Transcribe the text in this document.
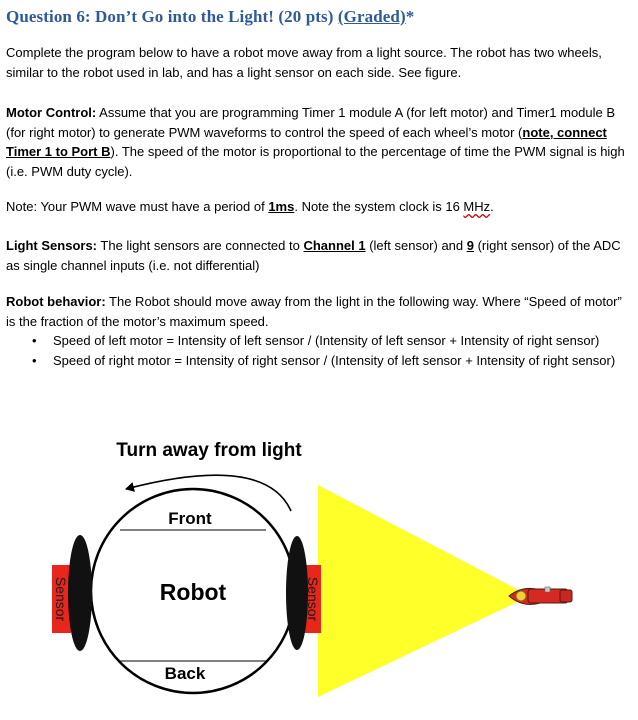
Question 6: Don’t Go into the Light! (20 pts) (Graded)*
Complete the program below to have a robot move away from a light source. The robot has two wheels, similar to the robot used in lab, and has a light sensor on each side. See figure.
Motor Control: Assume that you are programming Timer 1 module A (for left motor) and Timer1 module B (for right motor) to generate PWM waveforms to control the speed of each wheel’s motor (note, connect Timer 1 to Port B). The speed of the motor is proportional to the percentage of time the PWM signal is high (i.e. PWM duty cycle).
Note: Your PWM wave must have a period of 1ms. Note the system clock is 16 MHz.
Light Sensors: The light sensors are connected to Channel 1 (left sensor) and 9 (right sensor) of the ADC as single channel inputs (i.e. not differential)
Robot behavior: The Robot should move away from the light in the following way. Where “Speed of motor” is the fraction of the motor’s maximum speed.
• Speed of left motor = Intensity of left sensor / (Intensity of left sensor + Intensity of right sensor)
• Speed of right motor = Intensity of right sensor / (Intensity of left sensor + Intensity of right sensor)
Turn away from light
Front
Robot
Back
Sensor	Sensor
